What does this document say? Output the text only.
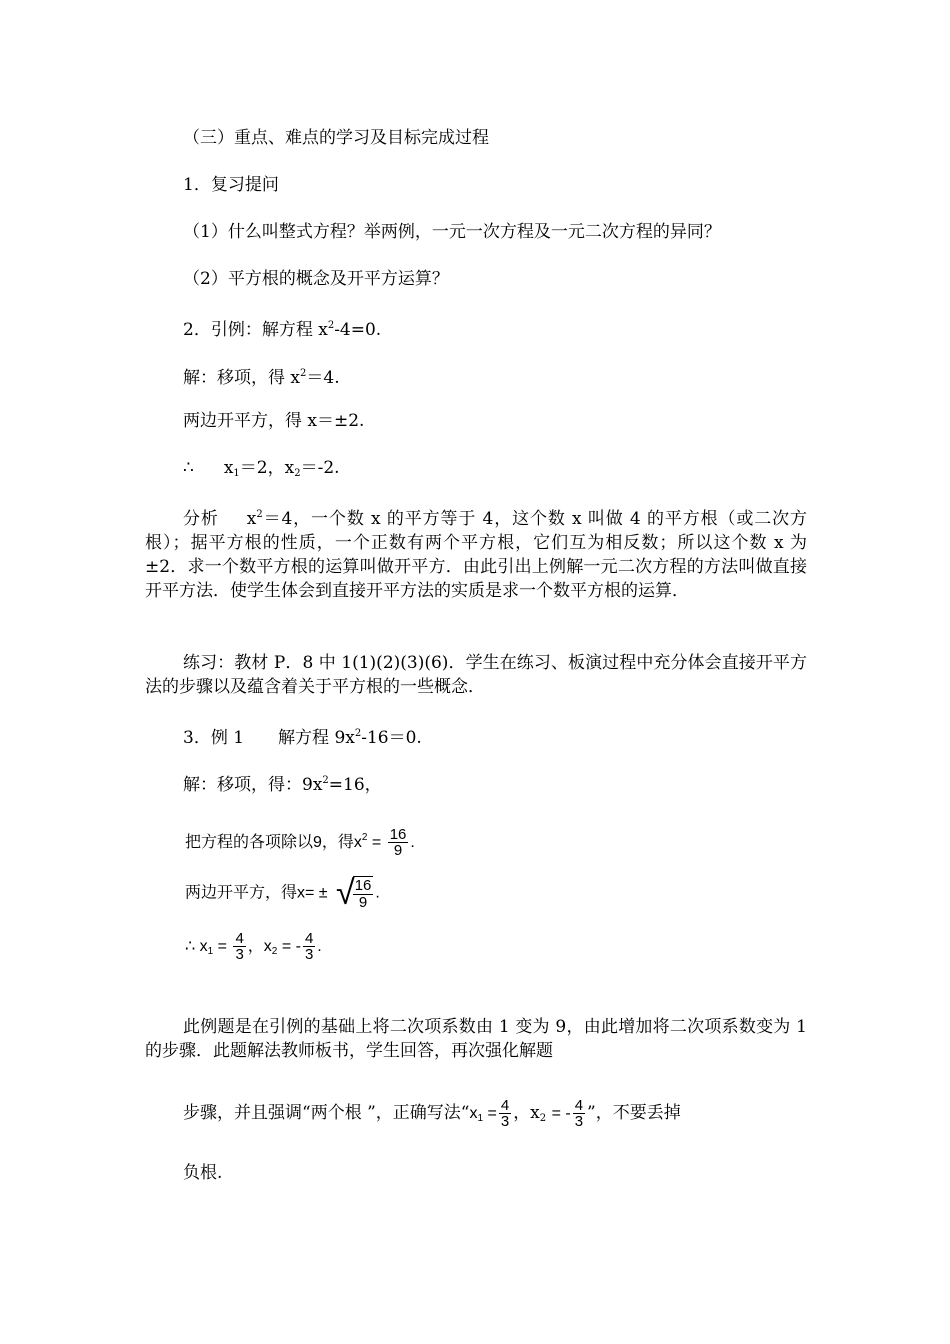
（三）重点、难点的学习及目标完成过程
1．复习提问
（1）什么叫整式方程？举两例，一元一次方程及一元二次方程的异同？
（2）平方根的概念及开平方运算？
2．引例：解方程 $x^2-4=0$.
解：移项，得 $x^2=4$.
两边开平方，得 x＝±2.
∴ $x_1=2$，$x_2=-2$.
分析 $x^2=4$，一个数 x 的平方等于 4，这个数 x 叫做 4 的平方根（或二次方根）；据平方根的性质，一个正数有两个平方根，它们互为相反数；所以这个数 x 为±2．求一个数平方根的运算叫做开平方．由此引出上例解一元二次方程的方法叫做直接开平方法．使学生体会到直接开平方法的实质是求一个数平方根的运算．
练习：教材 P．8 中 1(1)(2)(3)(6)．学生在练习、板演过程中充分体会直接开平方法的步骤以及蕴含着关于平方根的一些概念．
3．例 1　　解方程 $9x^2-16=0$.
解：移项，得：$9x^2=16$，
把方程的各项除以9，得$x^2 = \frac{16}{9}$ .
两边开平方，得x= ± √
$\frac{16}{9}$ .
∴ $x_1 = \frac{4}{3}$ ，$x_2$ = - $\frac{4}{3}$ .
此例题是在引例的基础上将二次项系数由 1 变为 9，由此增加将二次项系数变为 1 的步骤．此题解法教师板书，学生回答，再次强化解题
步骤，并且强调“两个根 ”，正确写法“$x_1 = \frac{4}{3}$ ，$x_2$ = - $\frac{4}{3}$ ”，不要丢掉
负根.
